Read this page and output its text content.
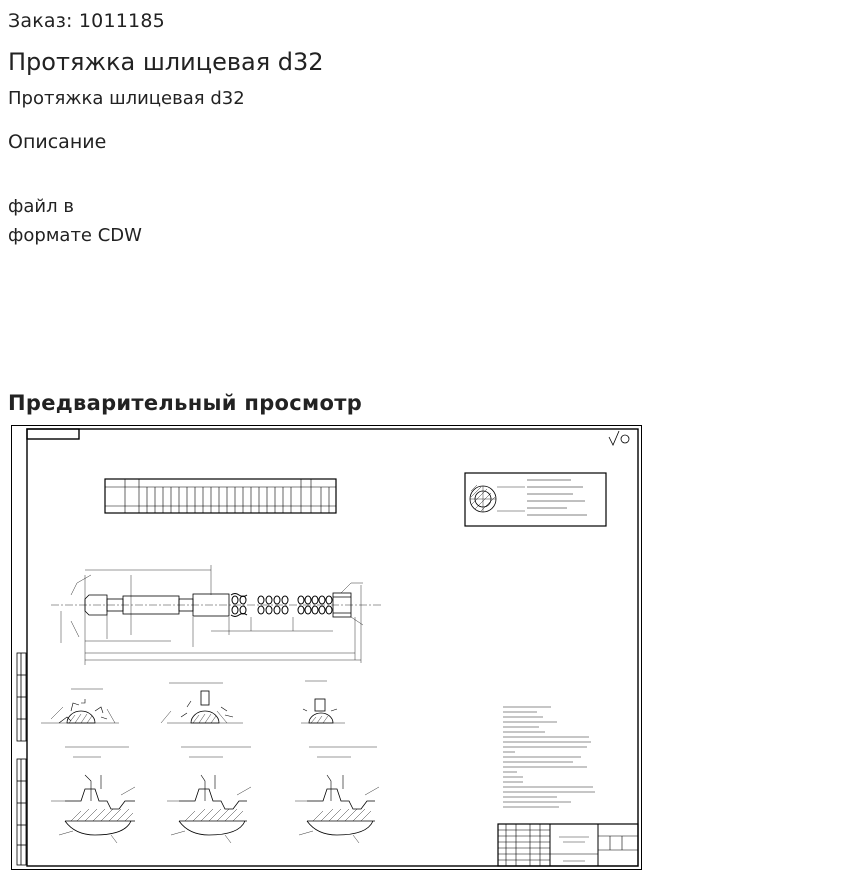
Заказ: 1011185
Протяжка шлицевая d32
Протяжка шлицевая d32
Описание
файл в
формате CDW
Предварительный просмотр
